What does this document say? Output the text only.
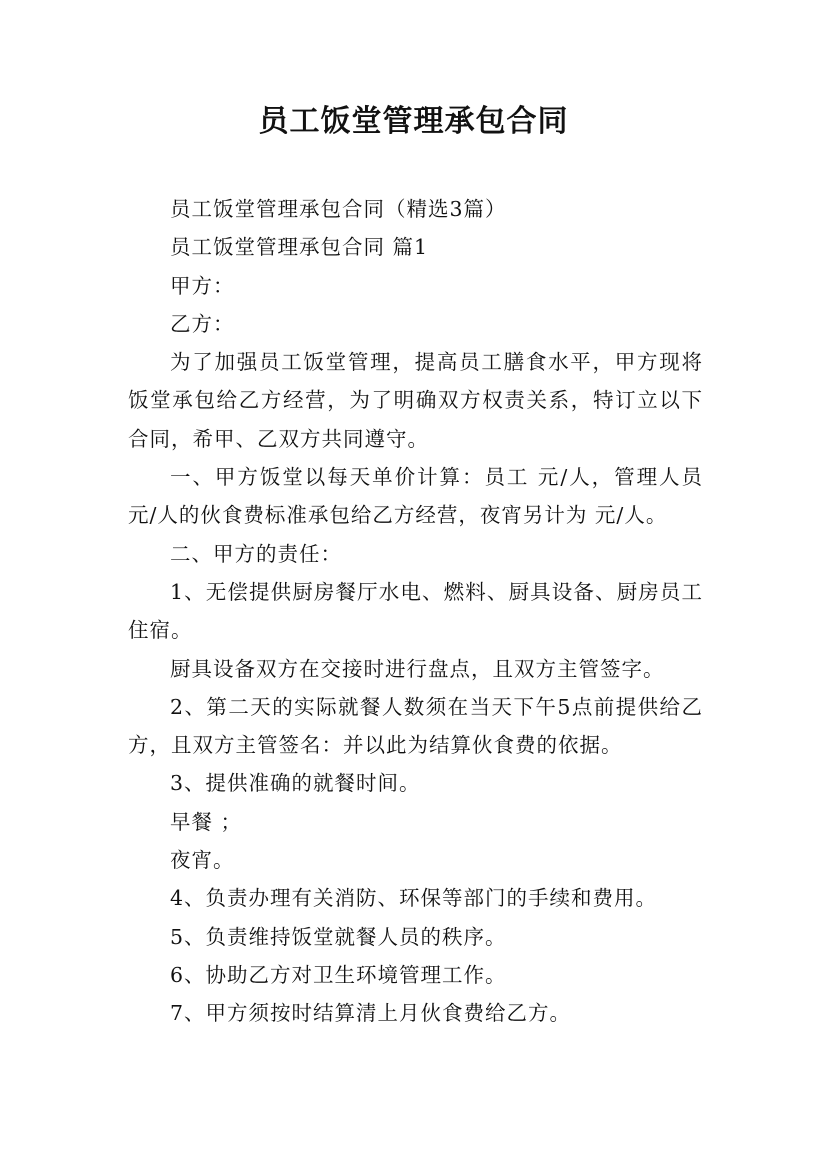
员工饭堂管理承包合同

员工饭堂管理承包合同（精选3篇）

员工饭堂管理承包合同 篇1

甲方：

乙方：

为了加强员工饭堂管理，提高员工膳食水平，甲方现将饭堂承包给乙方经营，为了明确双方权责关系，特订立以下合同，希甲、乙双方共同遵守。

一、甲方饭堂以每天单价计算：员工 元/人，管理人员 元/人的伙食费标准承包给乙方经营，夜宵另计为 元/人。

二、甲方的责任：

1、无偿提供厨房餐厅水电、燃料、厨具设备、厨房员工住宿。

厨具设备双方在交接时进行盘点，且双方主管签字。

2、第二天的实际就餐人数须在当天下午5点前提供给乙方，且双方主管签名：并以此为结算伙食费的依据。

3、提供准确的就餐时间。

早餐 ；

夜宵。

4、负责办理有关消防、环保等部门的手续和费用。

5、负责维持饭堂就餐人员的秩序。

6、协助乙方对卫生环境管理工作。

7、甲方须按时结算清上月伙食费给乙方。
